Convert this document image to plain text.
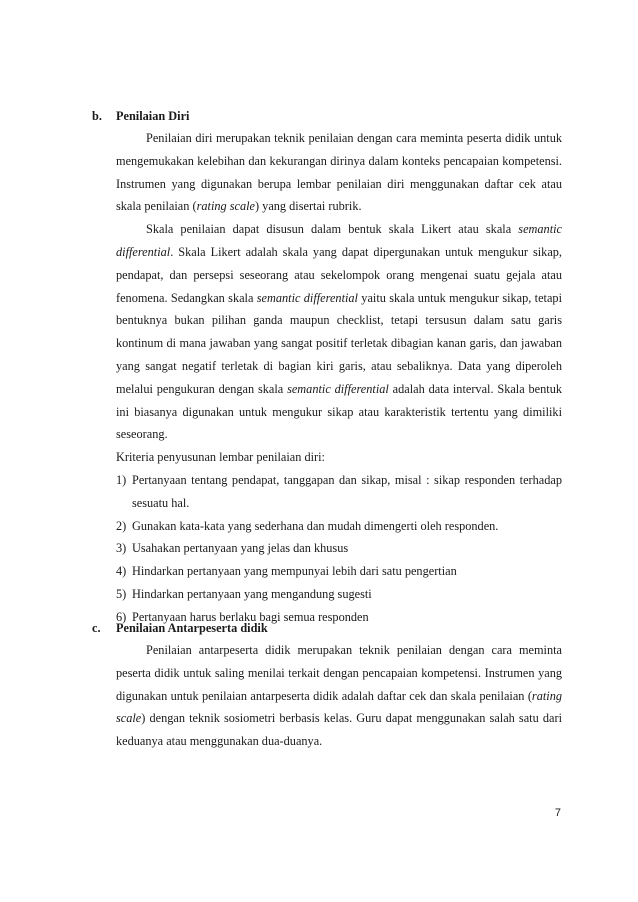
b. Penilaian Diri

Penilaian diri merupakan teknik penilaian dengan cara meminta peserta didik untuk mengemukakan kelebihan dan kekurangan dirinya dalam konteks pencapaian kompetensi. Instrumen yang digunakan berupa lembar penilaian diri menggunakan daftar cek atau skala penilaian (rating scale) yang disertai rubrik.

Skala penilaian dapat disusun dalam bentuk skala Likert atau skala semantic differential. Skala Likert adalah skala yang dapat dipergunakan untuk mengukur sikap, pendapat, dan persepsi seseorang atau sekelompok orang mengenai suatu gejala atau fenomena. Sedangkan skala semantic differential yaitu skala untuk mengukur sikap, tetapi bentuknya bukan pilihan ganda maupun checklist, tetapi tersusun dalam satu garis kontinum di mana jawaban yang sangat positif terletak dibagian kanan garis, dan jawaban yang sangat negatif terletak di bagian kiri garis, atau sebaliknya. Data yang diperoleh melalui pengukuran dengan skala semantic differential adalah data interval. Skala bentuk ini biasanya digunakan untuk mengukur sikap atau karakteristik tertentu yang dimiliki seseorang.

Kriteria penyusunan lembar penilaian diri:

1) Pertanyaan tentang pendapat, tanggapan dan sikap, misal : sikap responden terhadap sesuatu hal.
2) Gunakan kata-kata yang sederhana dan mudah dimengerti oleh responden.
3) Usahakan pertanyaan yang jelas dan khusus
4) Hindarkan pertanyaan yang mempunyai lebih dari satu pengertian
5) Hindarkan pertanyaan yang mengandung sugesti
6) Pertanyaan harus berlaku bagi semua responden
c. Penilaian Antarpeserta didik

Penilaian antarpeserta didik merupakan teknik penilaian dengan cara meminta peserta didik untuk saling menilai terkait dengan pencapaian kompetensi. Instrumen yang digunakan untuk penilaian antarpeserta didik adalah daftar cek dan skala penilaian (rating scale) dengan teknik sosiometri berbasis kelas. Guru dapat menggunakan salah satu dari keduanya atau menggunakan dua-duanya.

7
